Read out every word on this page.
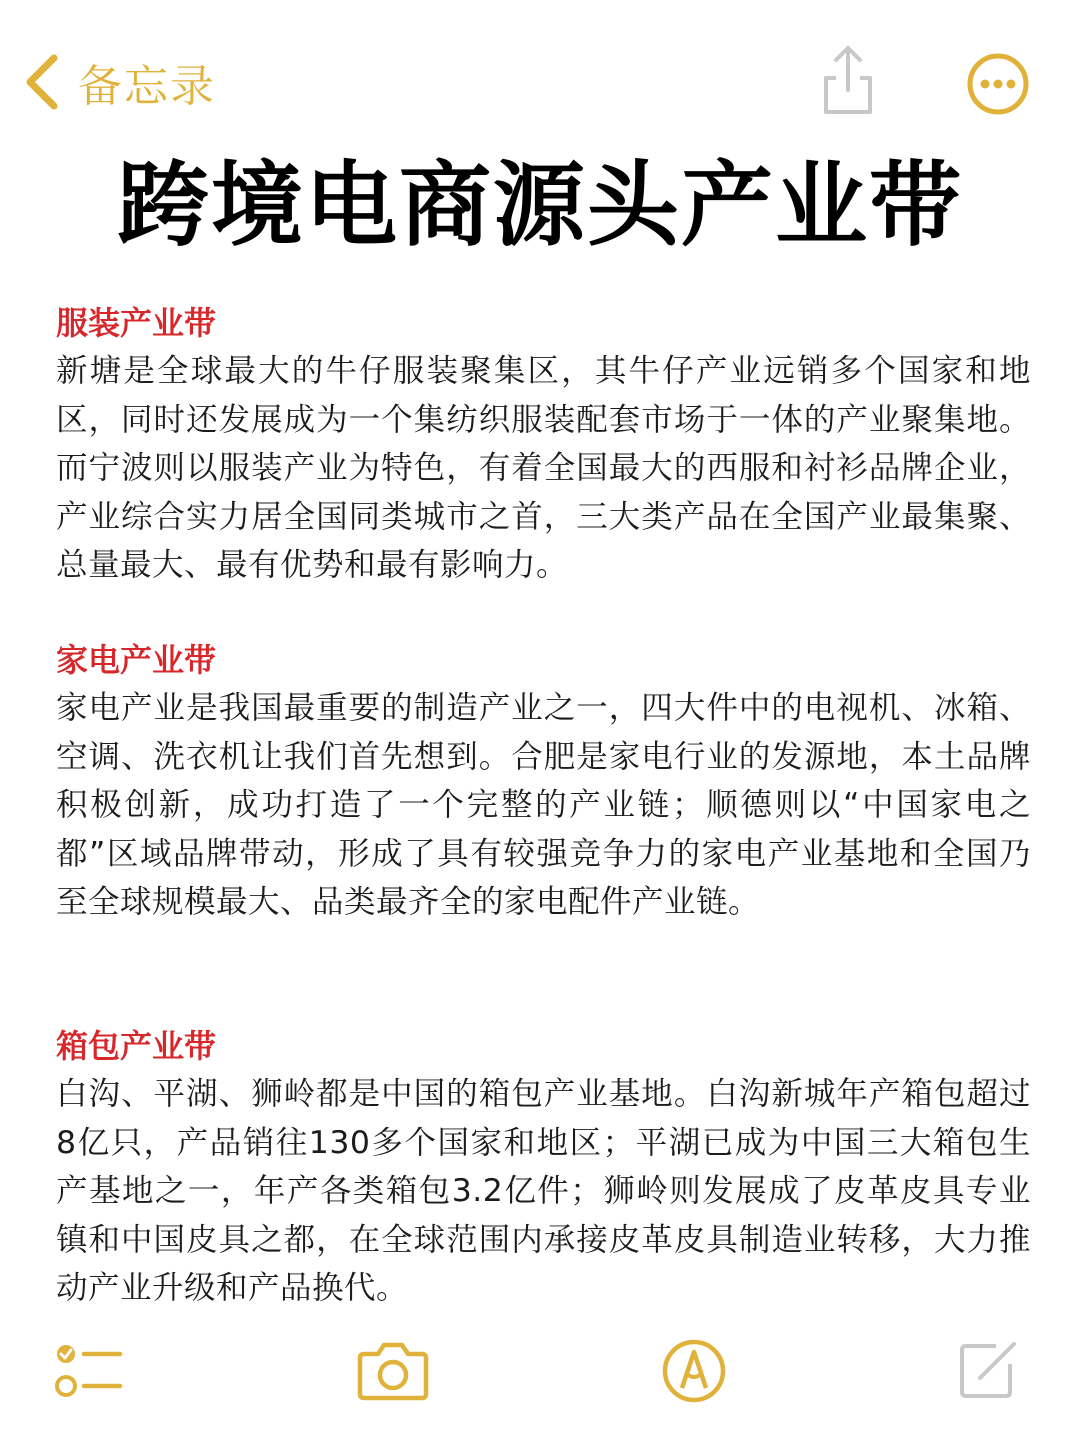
备忘录
跨境电商源头产业带

服装产业带

新塘是全球最大的牛仔服装聚集区，其牛仔产业远销多个国家和地区，同时还发展成为一个集纺织服装配套市场于一体的产业聚集地。而宁波则以服装产业为特色，有着全国最大的西服和衬衫品牌企业，产业综合实力居全国同类城市之首，三大类产品在全国产业最集聚、总量最大、最有优势和最有影响力。

家电产业带

家电产业是我国最重要的制造产业之一，四大件中的电视机、冰箱、空调、洗衣机让我们首先想到。合肥是家电行业的发源地，本土品牌积极创新，成功打造了一个完整的产业链；顺德则以“中国家电之都”区域品牌带动，形成了具有较强竞争力的家电产业基地和全国乃至全球规模最大、品类最齐全的家电配件产业链。

箱包产业带

白沟、平湖、狮岭都是中国的箱包产业基地。白沟新城年产箱包超过8亿只，产品销往130多个国家和地区；平湖已成为中国三大箱包生产基地之一，年产各类箱包3.2亿件；狮岭则发展成了皮革皮具专业镇和中国皮具之都，在全球范围内承接皮革皮具制造业转移，大力推动产业升级和产品换代。
